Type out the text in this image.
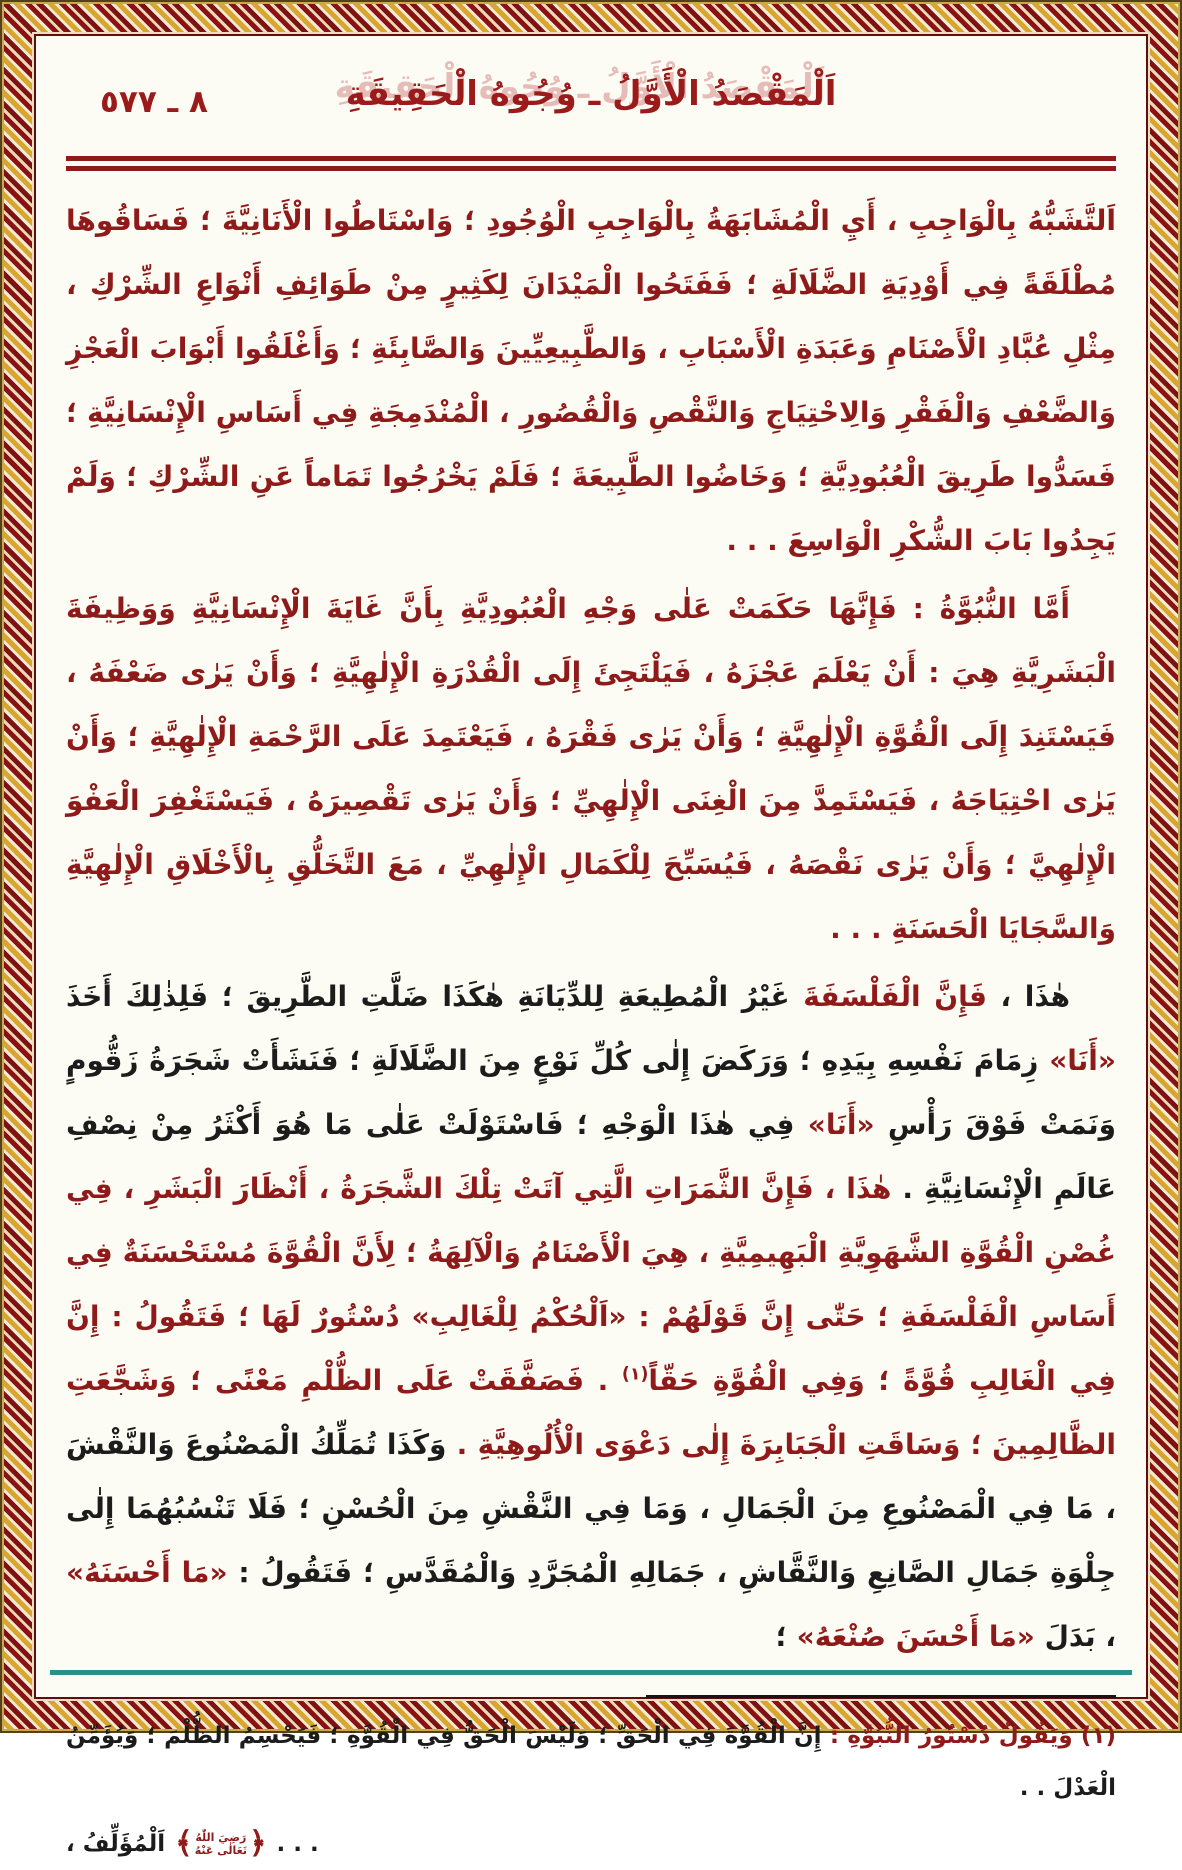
٨ ـ ٥٧٧	اَلْمَقْصَدُ الْأَوَّلُ ـ وُجُوهُ الْحَقِيقَةِ

اَلتَّشَبُّهُ بِالْوَاجِبِ ، أَيِ الْمُشَابَهَةُ بِالْوَاجِبِ الْوُجُودِ ؛ وَاسْتَاطُوا الْأَنَانِيَّةَ ؛ فَسَاقُوهَا مُطْلَقَةً فِي أَوْدِيَةِ الضَّلَالَةِ ؛ فَفَتَحُوا الْمَيْدَانَ لِكَثِيرٍ مِنْ طَوَائِفِ أَنْوَاعِ الشِّرْكِ ، مِثْلِ عُبَّادِ الْأَصْنَامِ وَعَبَدَةِ الْأَسْبَابِ ، وَالطَّبِيعِيِّينَ وَالصَّابِئَةِ ؛ وَأَغْلَقُوا أَبْوَابَ الْعَجْزِ وَالضَّعْفِ وَالْفَقْرِ وَالِاحْتِيَاجِ وَالنَّقْصِ وَالْقُصُورِ ، الْمُنْدَمِجَةِ فِي أَسَاسِ الْإِنْسَانِيَّةِ ؛ فَسَدُّوا طَرِيقَ الْعُبُودِيَّةِ ؛ وَخَاضُوا الطَّبِيعَةَ ؛ فَلَمْ يَخْرُجُوا تَمَاماً عَنِ الشِّرْكِ ؛ وَلَمْ يَجِدُوا بَابَ الشُّكْرِ الْوَاسِعَ . . .

أَمَّا النُّبُوَّةُ : فَإِنَّهَا حَكَمَتْ عَلٰى وَجْهِ الْعُبُودِيَّةِ بِأَنَّ غَايَةَ الْإِنْسَانِيَّةِ وَوَظِيفَةَ الْبَشَرِيَّةِ هِيَ : أَنْ يَعْلَمَ عَجْزَهُ ، فَيَلْتَجِئَ إِلَى الْقُدْرَةِ الْإِلٰهِيَّةِ ؛ وَأَنْ يَرٰى ضَعْفَهُ ، فَيَسْتَنِدَ إِلَى الْقُوَّةِ الْإِلٰهِيَّةِ ؛ وَأَنْ يَرٰى فَقْرَهُ ، فَيَعْتَمِدَ عَلَى الرَّحْمَةِ الْإِلٰهِيَّةِ ؛ وَأَنْ يَرٰى احْتِيَاجَهُ ، فَيَسْتَمِدَّ مِنَ الْغِنَى الْإِلٰهِيِّ ؛ وَأَنْ يَرٰى تَقْصِيرَهُ ، فَيَسْتَغْفِرَ الْعَفْوَ الْإِلٰهِيَّ ؛ وَأَنْ يَرٰى نَقْصَهُ ، فَيُسَبِّحَ لِلْكَمَالِ الْإِلٰهِيِّ ، مَعَ التَّخَلُّقِ بِالْأَخْلَاقِ الْإِلٰهِيَّةِ وَالسَّجَايَا الْحَسَنَةِ . . .

هٰذَا ، فَإِنَّ الْفَلْسَفَةَ غَيْرُ الْمُطِيعَةِ لِلدِّيَانَةِ هٰكَذَا ضَلَّتِ الطَّرِيقَ ؛ فَلِذٰلِكَ أَخَذَ «أَنَا» زِمَامَ نَفْسِهِ بِيَدِهِ ؛ وَرَكَضَ إِلٰى كُلِّ نَوْعٍ مِنَ الضَّلَالَةِ ؛ فَنَشَأَتْ شَجَرَةُ زَقُّومٍ وَنَمَتْ فَوْقَ رَأْسِ «أَنَا» فِي هٰذَا الْوَجْهِ ؛ فَاسْتَوْلَتْ عَلٰى مَا هُوَ أَكْثَرُ مِنْ نِصْفِ عَالَمِ الْإِنْسَانِيَّةِ . هٰذَا ، فَإِنَّ الثَّمَرَاتِ الَّتِي آتَتْ تِلْكَ الشَّجَرَةُ ، أَنْظَارَ الْبَشَرِ ، فِي غُصْنِ الْقُوَّةِ الشَّهَوِيَّةِ الْبَهِيمِيَّةِ ، هِيَ الْأَصْنَامُ وَالْآلِهَةُ ؛ لِأَنَّ الْقُوَّةَ مُسْتَحْسَنَةٌ فِي أَسَاسِ الْفَلْسَفَةِ ؛ حَتّٰى إِنَّ قَوْلَهُمْ : «اَلْحُكْمُ لِلْغَالِبِ» دُسْتُورٌ لَهَا ؛ فَتَقُولُ : إِنَّ فِي الْغَالِبِ قُوَّةً ؛ وَفِي الْقُوَّةِ حَقّاً$^{(١)}$ . فَصَفَّقَتْ عَلَى الظُّلْمِ مَعْنًى ؛ وَشَجَّعَتِ الظَّالِمِينَ ؛ وَسَاقَتِ الْجَبَابِرَةَ إِلٰى دَعْوَى الْأُلُوهِيَّةِ . وَكَذَا تُمَلِّكُ الْمَصْنُوعَ وَالنَّقْشَ ، مَا فِي الْمَصْنُوعِ مِنَ الْجَمَالِ ، وَمَا فِي النَّقْشِ مِنَ الْحُسْنِ ؛ فَلَا تَنْسُبُهُمَا إِلٰى جِلْوَةِ جَمَالِ الصَّانِعِ وَالنَّقَّاشِ ، جَمَالِهِ الْمُجَرَّدِ وَالْمُقَدَّسِ ؛ فَتَقُولُ : «مَا أَحْسَنَهُ» ، بَدَلَ «مَا أَحْسَنَ صُنْعَهُ» ؛

(١) وَيَقُولُ دُسْتُورُ النُّبُوَّةِ : إِنَّ الْقُوَّةَ فِي الْحَقِّ ؛ وَلَيْسَ الْحَقُّ فِي الْقُوَّةِ ؛ فَيَحْسِمُ الظُّلْمَ ؛ وَيُؤَمِّنُ الْعَدْلَ . .
اَلْمُؤَلِّفُ ، ﴾ رَضِيَ اللّٰهُ
تَعَالٰى عَنْهُ ﴿ . . .
